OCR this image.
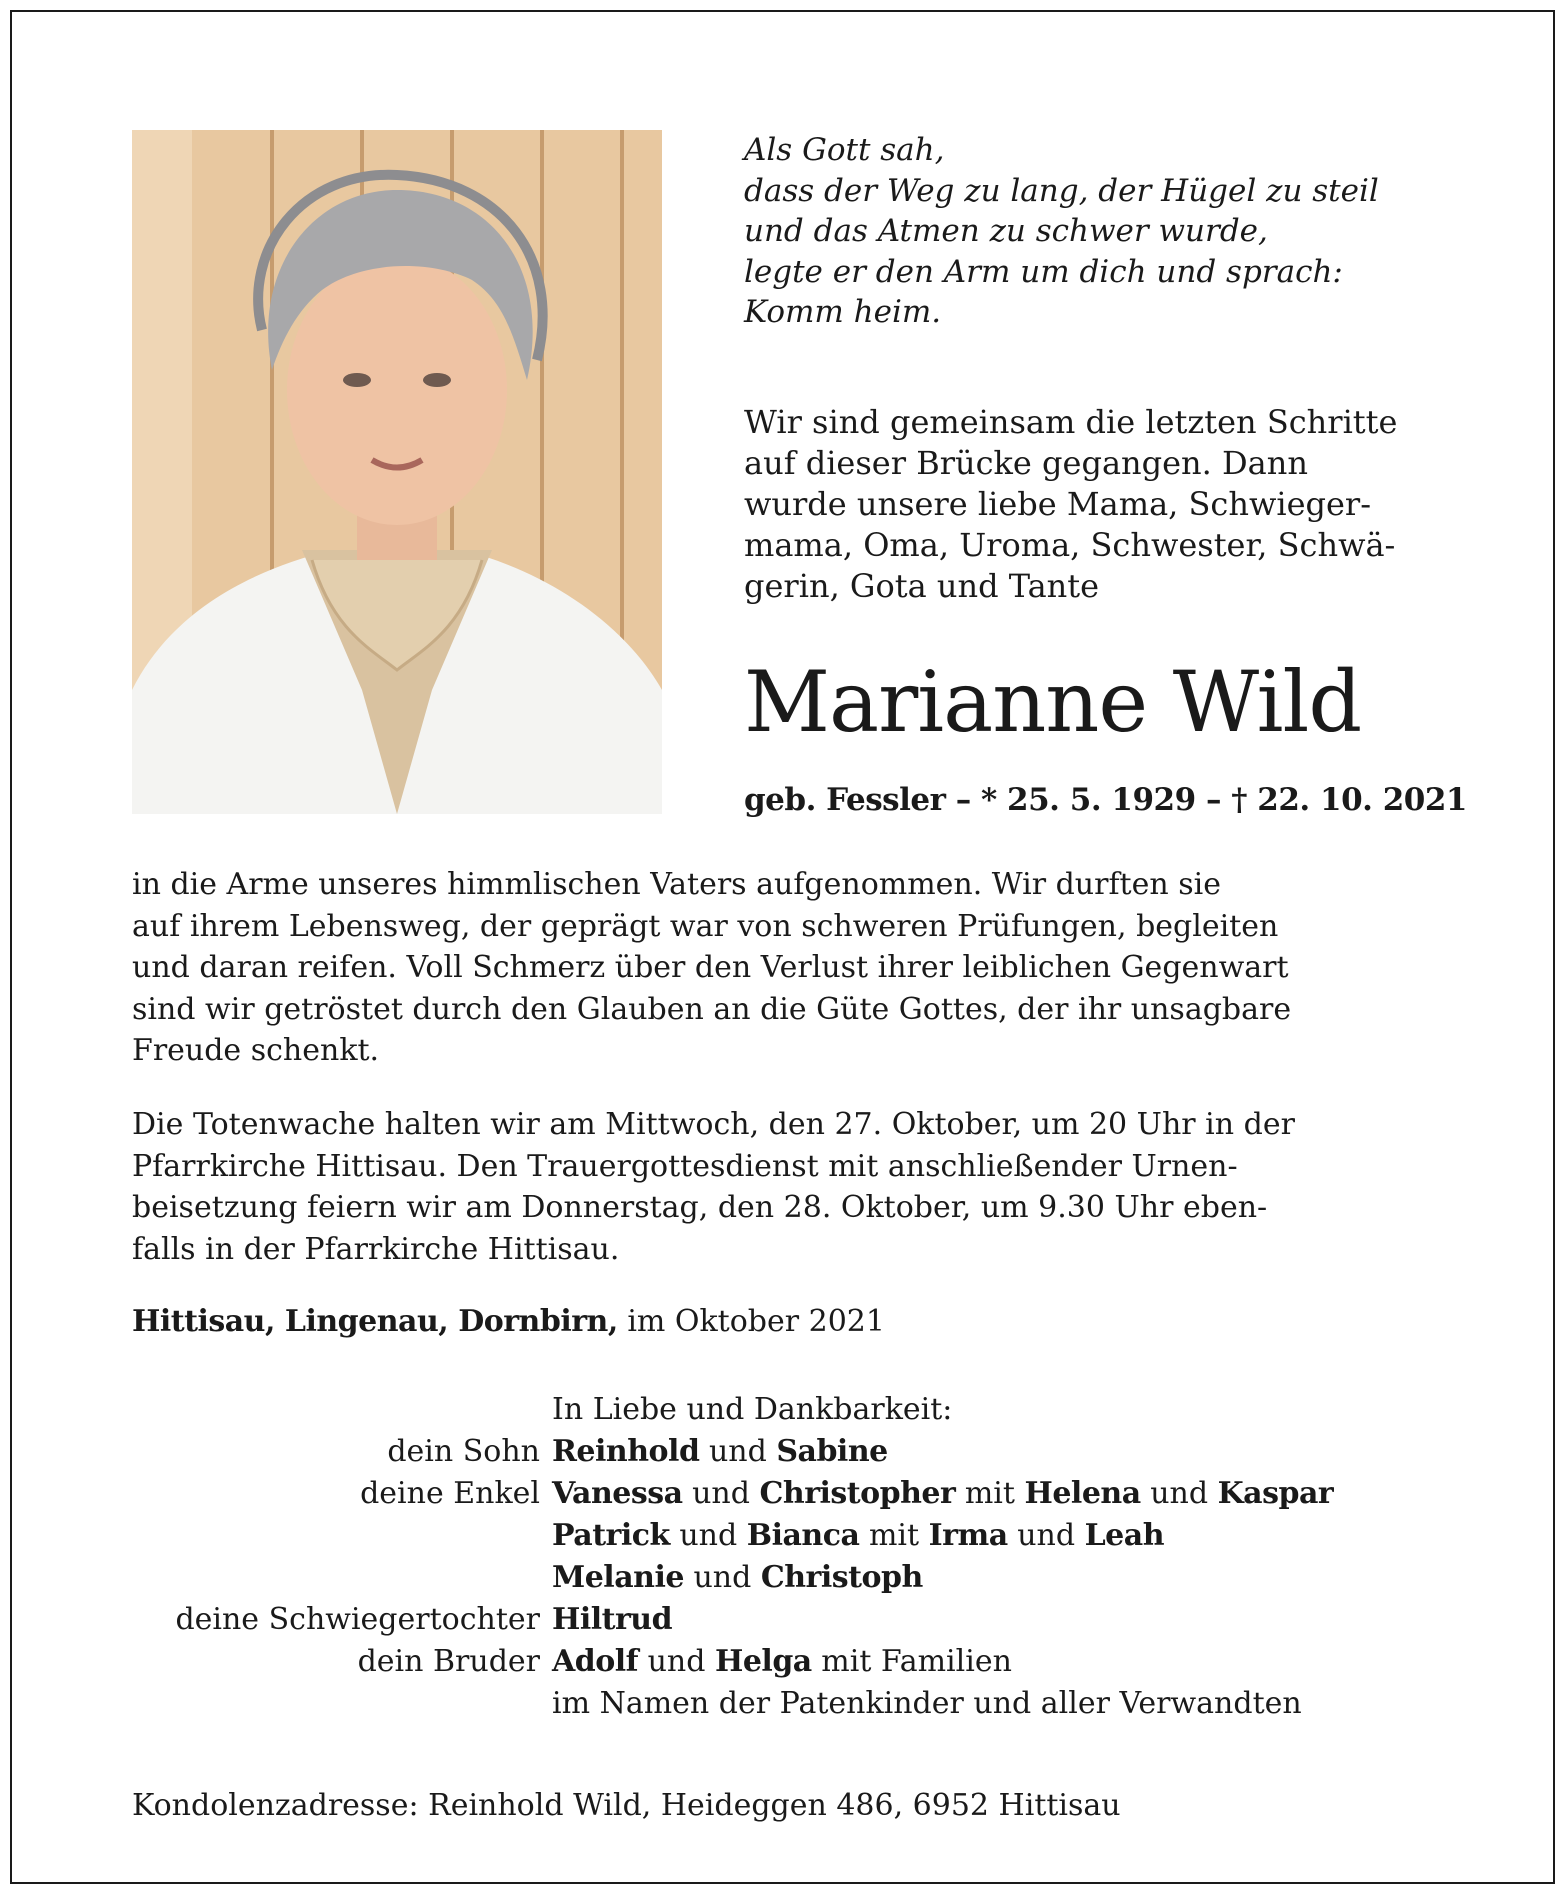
Als Gott sah,
dass der Weg zu lang, der Hügel zu steil
und das Atmen zu schwer wurde,
legte er den Arm um dich und sprach:
Komm heim.
Wir sind gemeinsam die letzten Schritte
auf dieser Brücke gegangen. Dann
wurde unsere liebe Mama, Schwieger-
mama, Oma, Uroma, Schwester, Schwä-
gerin, Gota und Tante
Marianne Wild
geb. Fessler – * 25. 5. 1929 – † 22. 10. 2021
in die Arme unseres himmlischen Vaters aufgenommen. Wir durften sie
auf ihrem Lebensweg, der geprägt war von schweren Prüfungen, begleiten
und daran reifen. Voll Schmerz über den Verlust ihrer leiblichen Gegenwart
sind wir getröstet durch den Glauben an die Güte Gottes, der ihr unsagbare
Freude schenkt.
Die Totenwache halten wir am Mittwoch, den 27. Oktober, um 20 Uhr in der
Pfarrkirche Hittisau. Den Trauergottesdienst mit anschließender Urnen-
beisetzung feiern wir am Donnerstag, den 28. Oktober, um 9.30 Uhr eben-
falls in der Pfarrkirche Hittisau.
Hittisau, Lingenau, Dornbirn, im Oktober 2021
In Liebe und Dankbarkeit:
dein Sohn Reinhold und Sabine
deine Enkel Vanessa und Christopher mit Helena und Kaspar
Patrick und Bianca mit Irma und Leah
Melanie und Christoph
deine Schwiegertochter Hiltrud
dein Bruder Adolf und Helga mit Familien
im Namen der Patenkinder und aller Verwandten
Kondolenzadresse: Reinhold Wild, Heideggen 486, 6952 Hittisau
